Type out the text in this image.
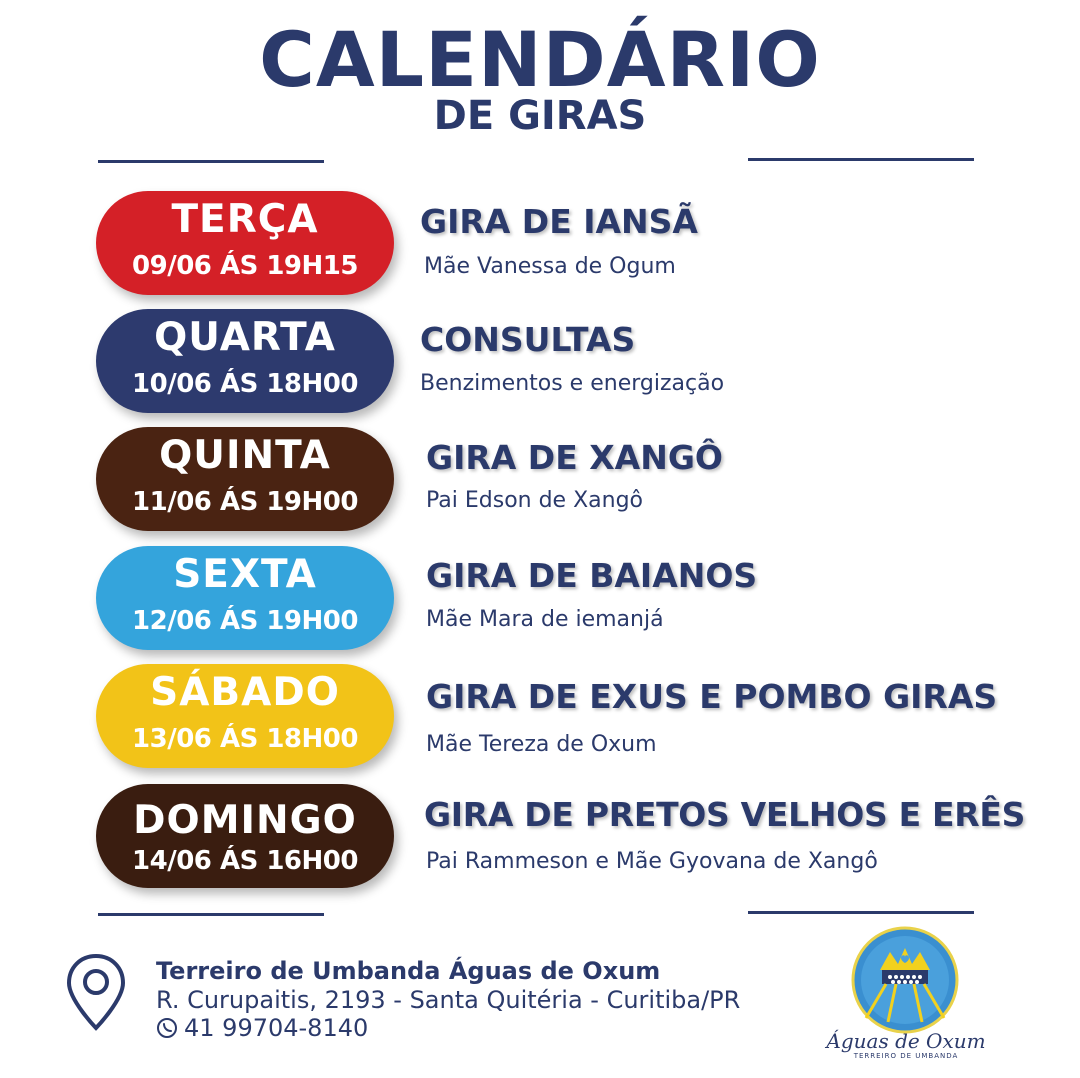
CALENDÁRIO
DE GIRAS
TERÇA
09/06 ÁS 19H15
GIRA DE IANSÃ
Mãe Vanessa de Ogum
QUARTA
10/06 ÁS 18H00
CONSULTAS
Benzimentos e energização
QUINTA
11/06 ÁS 19H00
GIRA DE XANGÔ
Pai Edson de Xangô
SEXTA
12/06 ÁS 19H00
GIRA DE BAIANOS
Mãe Mara de iemanjá
SÁBADO
13/06 ÁS 18H00
GIRA DE EXUS E POMBO GIRAS
Mãe Tereza de Oxum
DOMINGO
14/06 ÁS 16H00
GIRA DE PRETOS VELHOS E ERÊS
Pai Rammeson e Mãe Gyovana de Xangô
Terreiro de Umbanda Águas de Oxum
R. Curupaitis, 2193 - Santa Quitéria - Curitiba/PR
41 99704-8140	Águas de Oxum
TERREIRO DE UMBANDA
